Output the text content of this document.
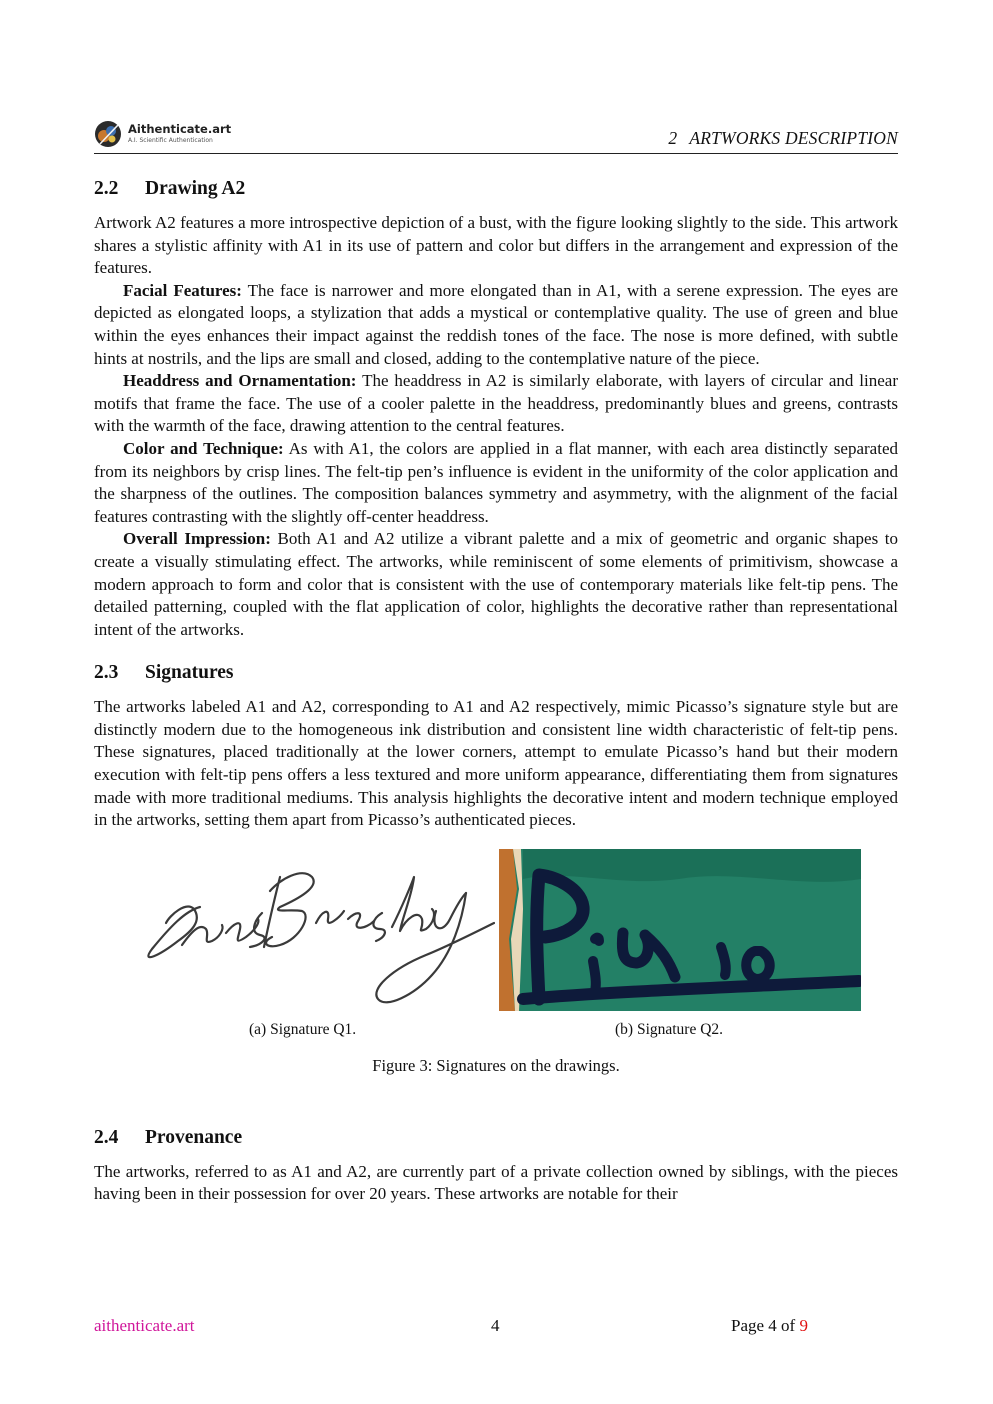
Aithenticate.art
A.I. Scientific Authentication	2 ARTWORKS DESCRIPTION
2.2 Drawing A2

Artwork A2 features a more introspective depiction of a bust, with the figure looking slightly to the side. This artwork shares a stylistic affinity with A1 in its use of pattern and color but differs in the arrangement and expression of the features.

Facial Features: The face is narrower and more elongated than in A1, with a serene expression. The eyes are depicted as elongated loops, a stylization that adds a mystical or contemplative quality. The use of green and blue within the eyes enhances their impact against the reddish tones of the face. The nose is more defined, with subtle hints at nostrils, and the lips are small and closed, adding to the contemplative nature of the piece.

Headdress and Ornamentation: The headdress in A2 is similarly elaborate, with layers of circular and linear motifs that frame the face. The use of a cooler palette in the headdress, predominantly blues and greens, contrasts with the warmth of the face, drawing attention to the central features.

Color and Technique: As with A1, the colors are applied in a flat manner, with each area distinctly separated from its neighbors by crisp lines. The felt-tip pen’s influence is evident in the uniformity of the color application and the sharpness of the outlines. The composition balances symmetry and asymmetry, with the alignment of the facial features contrasting with the slightly off-center headdress.

Overall Impression: Both A1 and A2 utilize a vibrant palette and a mix of geometric and organic shapes to create a visually stimulating effect. The artworks, while reminiscent of some elements of primitivism, showcase a modern approach to form and color that is consistent with the use of contemporary materials like felt-tip pens. The detailed patterning, coupled with the flat application of color, highlights the decorative rather than representational intent of the artworks.

2.3 Signatures

The artworks labeled A1 and A2, corresponding to A1 and A2 respectively, mimic Picasso’s signature style but are distinctly modern due to the homogeneous ink distribution and consistent line width characteristic of felt-tip pens. These signatures, placed traditionally at the lower corners, attempt to emulate Picasso’s hand but their modern execution with felt-tip pens offers a less textured and more uniform appearance, differentiating them from signatures made with more traditional mediums. This analysis highlights the decorative intent and modern technique employed in the artworks, setting them apart from Picasso’s authenticated pieces.

(a) Signature Q1.	(b) Signature Q2.
Figure 3: Signatures on the drawings.
2.4 Provenance

The artworks, referred to as A1 and A2, are currently part of a private collection owned by siblings, with the pieces having been in their possession for over 20 years. These artworks are notable for their

aithenticate.art	4	Page 4 of 9
